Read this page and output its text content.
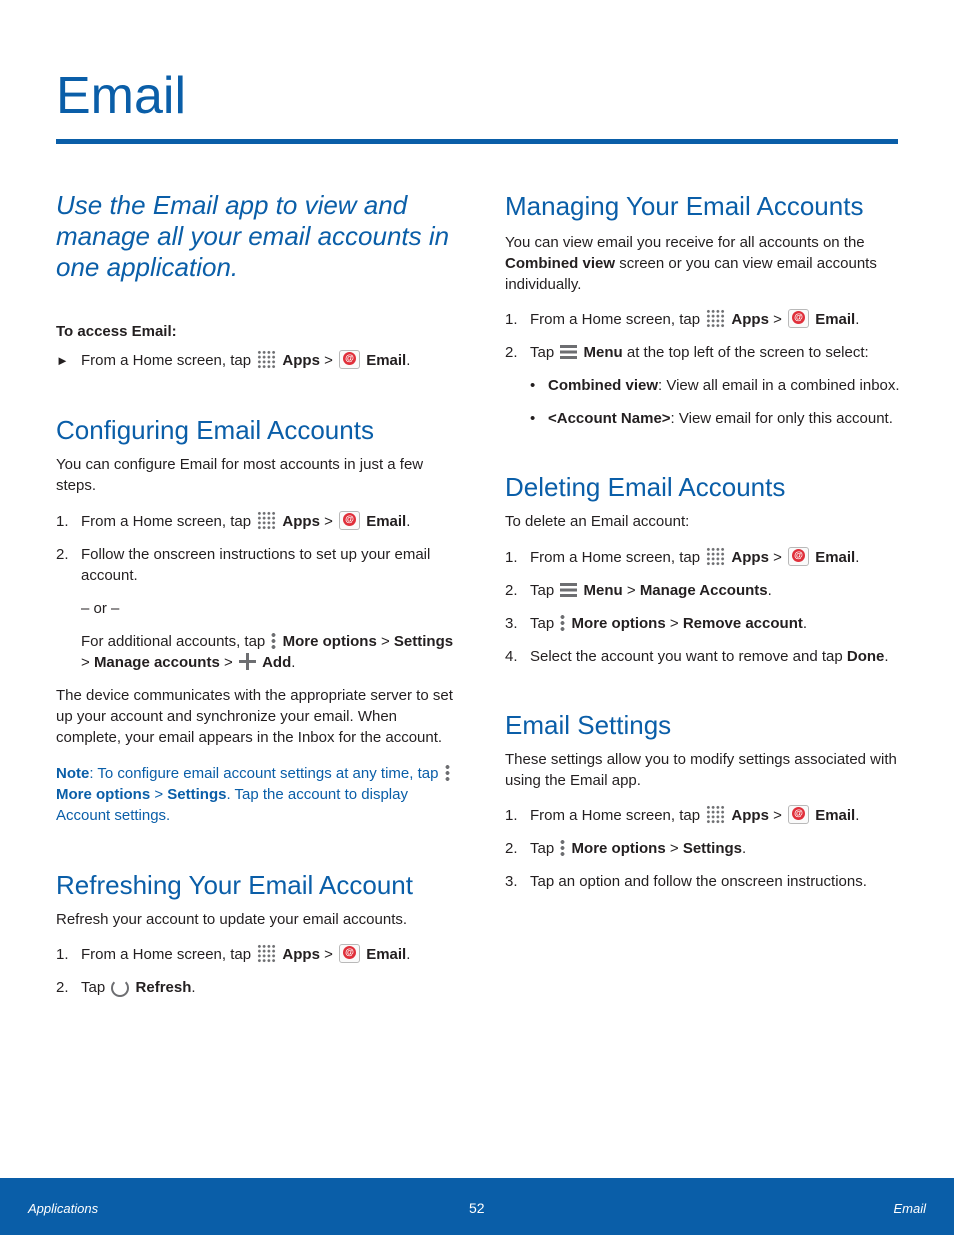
Email

Use the Email app to view and manage all your email accounts in one application.

To access Email:

► From a Home screen, tap Apps > @ Email.

Configuring Email Accounts

You can configure Email for most accounts in just a few steps.

1. From a Home screen, tap Apps > @ Email.

2. Follow the onscreen instructions to set up your email account.

– or –

For additional accounts, tap More options > Settings > Manage accounts > Add.

The device communicates with the appropriate server to set up your account and synchronize your email. When complete, your email appears in the Inbox for the account.

Note: To configure email account settings at any time, tap  More options > Settings. Tap the account to display Account settings.

Refreshing Your Email Account

Refresh your account to update your email accounts.

1. From a Home screen, tap Apps > @ Email.

2. Tap Refresh.

Managing Your Email Accounts

You can view email you receive for all accounts on the Combined view screen or you can view email accounts individually.

1. From a Home screen, tap Apps > @ Email.

2. Tap Menu at the top left of the screen to select:

• Combined view: View all email in a combined inbox.

• <Account Name>: View email for only this account.

Deleting Email Accounts

To delete an Email account:

1. From a Home screen, tap Apps > @ Email.

2. Tap Menu > Manage Accounts.

3. Tap More options > Remove account.

4. Select the account you want to remove and tap Done.

Email Settings

These settings allow you to modify settings associated with using the Email app.

1. From a Home screen, tap Apps > @ Email.

2. Tap More options > Settings.

3. Tap an option and follow the onscreen instructions.

Applications	52	Email
